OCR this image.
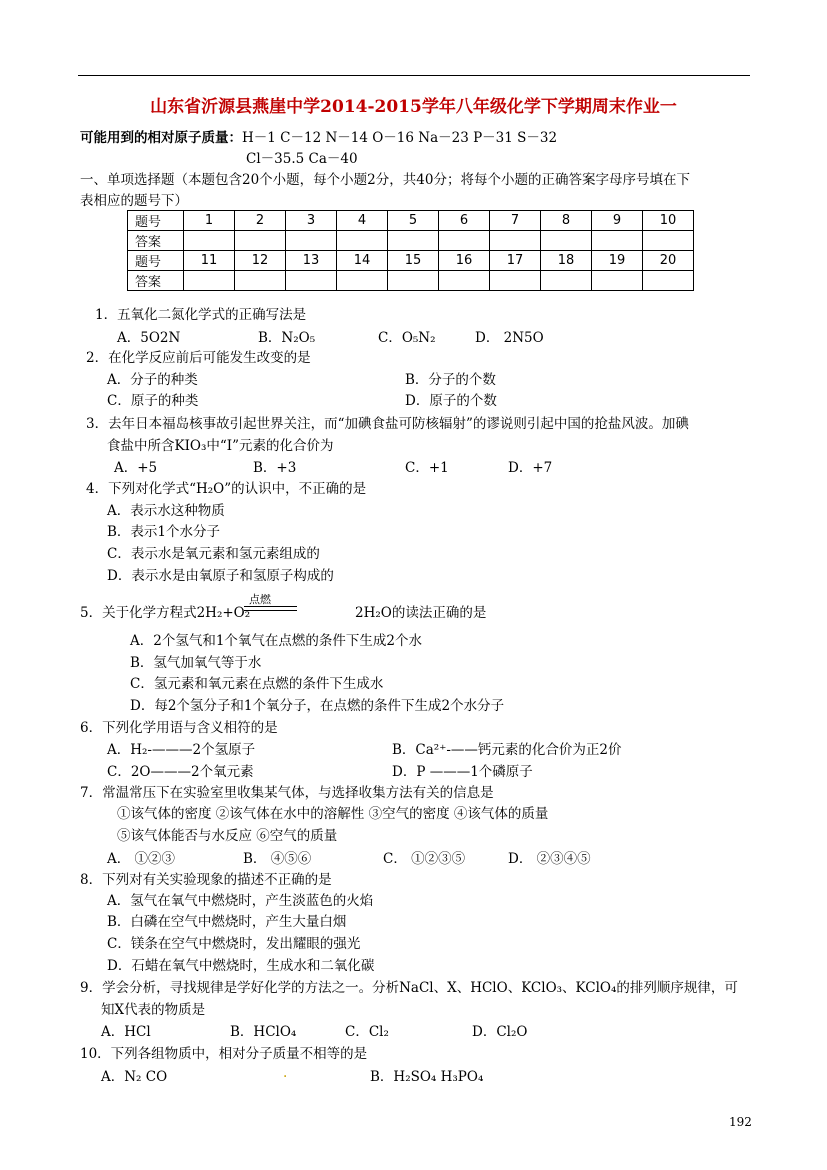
山东省沂源县燕崖中学2014-2015学年八年级化学下学期周末作业一
可能用到的相对原子质量：H－1 C－12 N－14 O－16 Na－23 P－31 S－32
Cl－35.5 Ca－40
一、单项选择题（本题包含20个小题，每个小题2分，共40分；将每个小题的正确答案字母序号填在下
表相应的题号下）
题号	1	2	3	4	5	6	7	8	9	10
答案										
题号	11	12	13	14	15	16	17	18	19	20
答案										
1．五氧化二氮化学式的正确写法是
A．5O2N	B．N₂O₅	C．O₅N₂	D． 2N5O
2．在化学反应前后可能发生改变的是
A．分子的种类	B．分子的个数
C．原子的种类	D．原子的个数
3．去年日本福岛核事故引起世界关注，而“加碘食盐可防核辐射”的谬说则引起中国的抢盐风波。加碘
食盐中所含KIO₃中“I”元素的化合价为
A．+5	B．+3	C．+1	D．+7
4．下列对化学式“H₂O”的认识中，不正确的是
A．表示水这种物质
B．表示1个水分子
C．表示水是氧元素和氢元素组成的
D．表示水是由氧原子和氢原子构成的
5．关于化学方程式2H₂+O₂
点燃
2H₂O的读法正确的是
A．2个氢气和1个氧气在点燃的条件下生成2个水
B．氢气加氧气等于水
C．氢元素和氧元素在点燃的条件下生成水
D．每2个氢分子和1个氧分子，在点燃的条件下生成2个水分子
6．下列化学用语与含义相符的是
A．H₂-———2个氢原子	B．Ca²⁺-——钙元素的化合价为正2价
C．2O———2个氧元素	D．P ———1个磷原子
7．常温常压下在实验室里收集某气体，与选择收集方法有关的信息是
①该气体的密度 ②该气体在水中的溶解性 ③空气的密度 ④该气体的质量
⑤该气体能否与水反应 ⑥空气的质量
A． ①②③	B． ④⑤⑥	C． ①②③⑤	D． ②③④⑤
8．下列对有关实验现象的描述不正确的是
A．氢气在氧气中燃烧时，产生淡蓝色的火焰
B．白磷在空气中燃烧时，产生大量白烟
C．镁条在空气中燃烧时，发出耀眼的强光
D．石蜡在氧气中燃烧时，生成水和二氧化碳
9．学会分析，寻找规律是学好化学的方法之一。分析NaCl、X、HClO、KClO₃、KClO₄的排列顺序规律，可
知X代表的物质是
A．HCl	B．HClO₄	C．Cl₂	D．Cl₂O
10．下列各组物质中，相对分子质量不相等的是
A．N₂ CO	.	B．H₂SO₄ H₃PO₄
192
